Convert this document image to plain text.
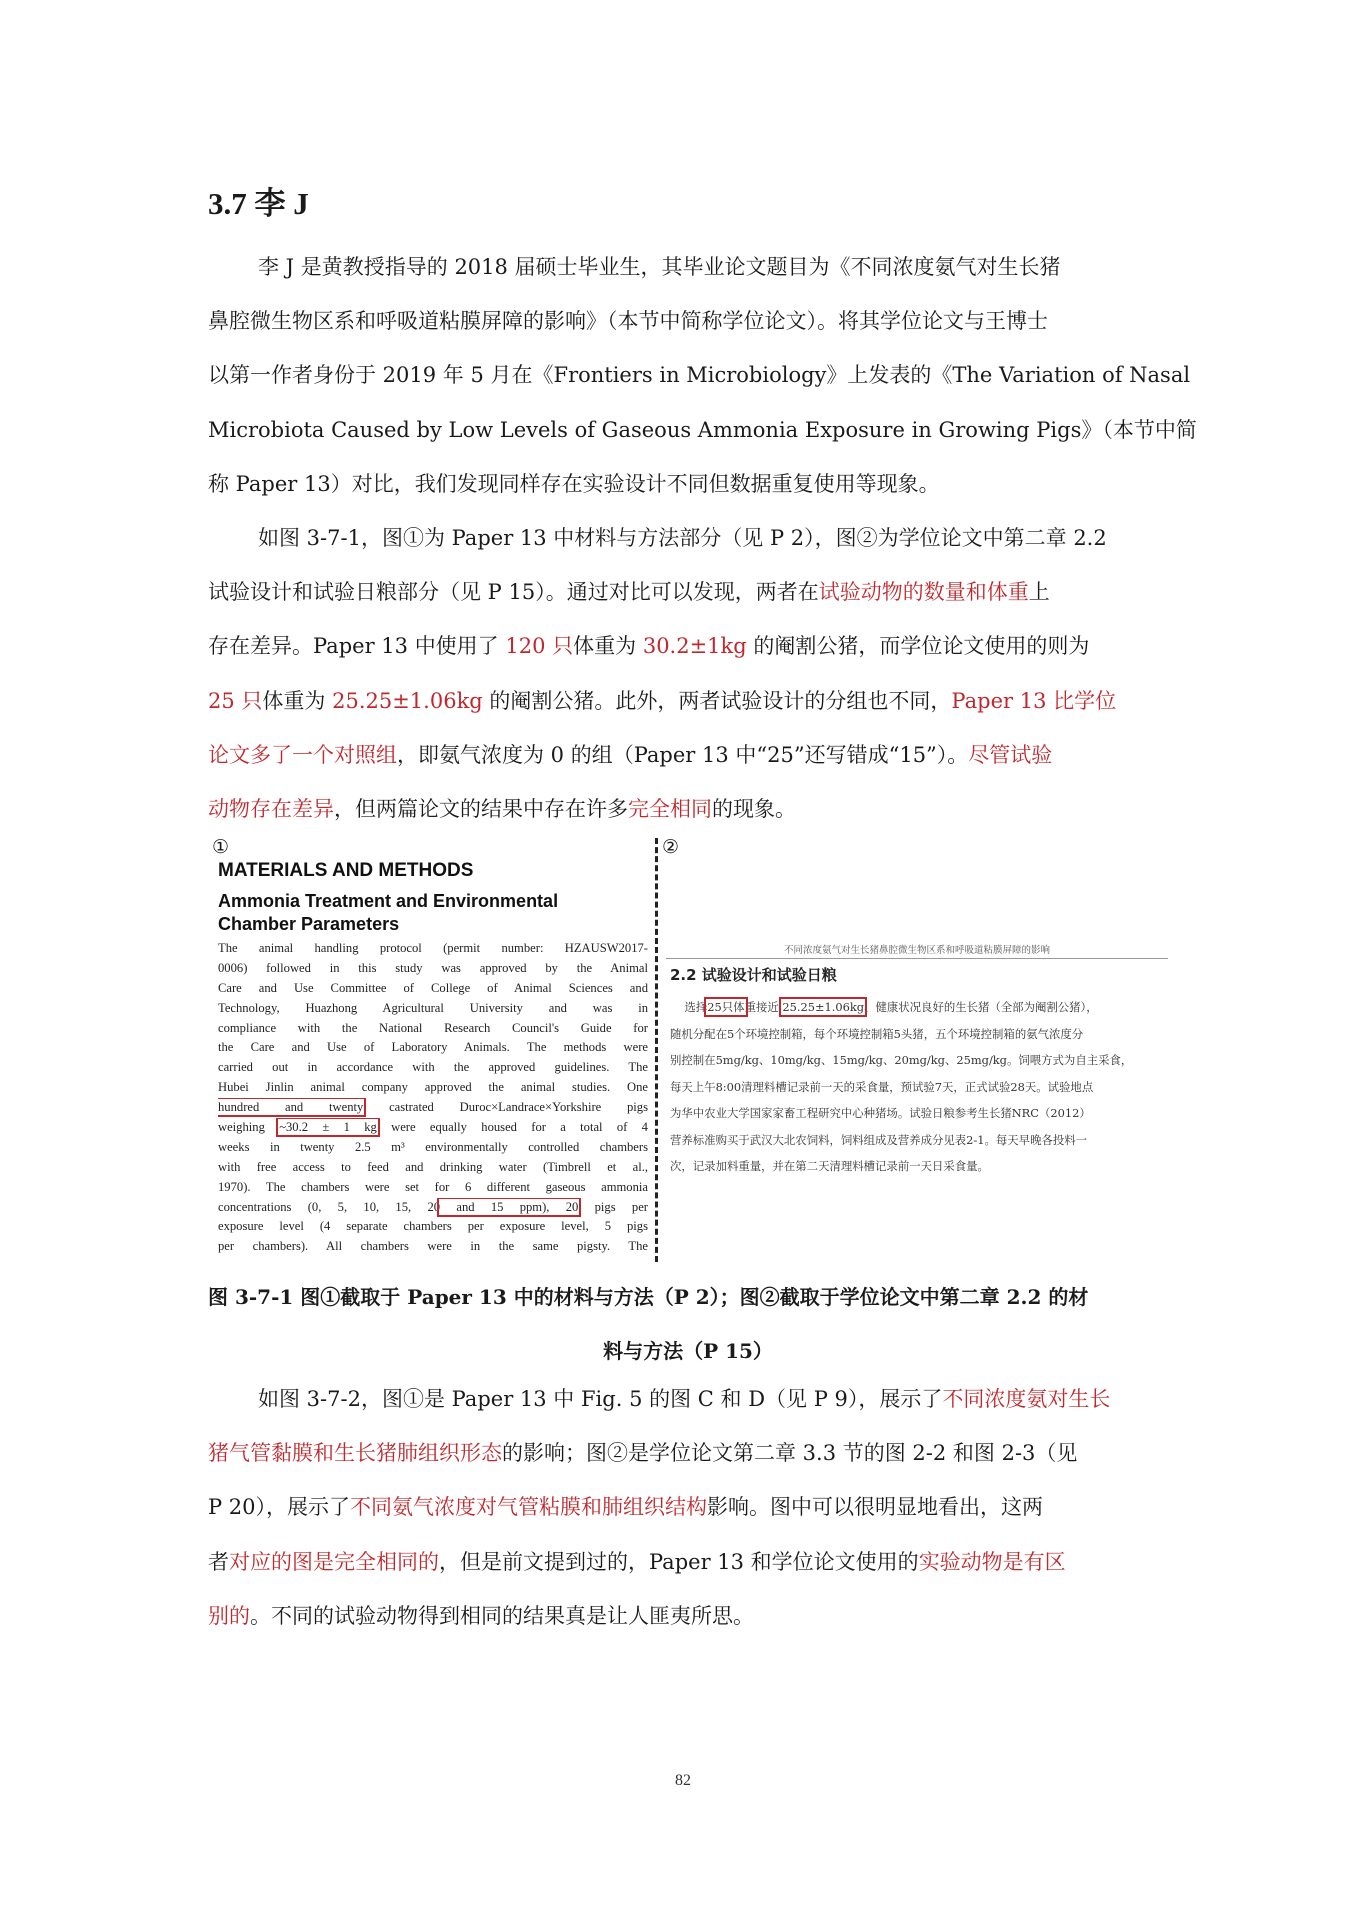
3.7 李 J

李 J 是黄教授指导的 2018 届硕士毕业生，其毕业论文题目为《不同浓度氨气对生长猪
鼻腔微生物区系和呼吸道粘膜屏障的影响》（本节中简称学位论文）。将其学位论文与王博士
以第一作者身份于 2019 年 5 月在《Frontiers in Microbiology》上发表的《The Variation of Nasal
Microbiota Caused by Low Levels of Gaseous Ammonia Exposure in Growing Pigs》（本节中简
称 Paper 13）对比，我们发现同样存在实验设计不同但数据重复使用等现象。

如图 3-7-1，图①为 Paper 13 中材料与方法部分（见 P 2），图②为学位论文中第二章 2.2
试验设计和试验日粮部分（见 P 15）。通过对比可以发现，两者在试验动物的数量和体重上
存在差异。Paper 13 中使用了 120 只体重为 30.2±1kg 的阉割公猪，而学位论文使用的则为
25 只体重为 25.25±1.06kg 的阉割公猪。此外，两者试验设计的分组也不同，Paper 13 比学位
论文多了一个对照组，即氨气浓度为 0 的组（Paper 13 中“25”还写错成“15”）。尽管试验
动物存在差异，但两篇论文的结果中存在许多完全相同的现象。

①	②
MATERIALS AND METHODS
Ammonia Treatment and Environmental
Chamber Parameters
The animal handling protocol (permit number: HZAUSW2017-
0006) followed in this study was approved by the Animal
Care and Use Committee of College of Animal Sciences and
Technology, Huazhong Agricultural University and was in
compliance with the National Research Council's Guide for
the Care and Use of Laboratory Animals. The methods were
carried out in accordance with the approved guidelines. The
Hubei Jinlin animal company approved the animal studies. One
hundred and twenty castrated Duroc×Landrace×Yorkshire pigs
weighing ~30.2 ± 1 kg were equally housed for a total of 4
weeks in twenty 2.5 m³ environmentally controlled chambers
with free access to feed and drinking water (Timbrell et al.,
1970). The chambers were set for 6 different gaseous ammonia
concentrations (0, 5, 10, 15, 20 and 15 ppm), 20 pigs per
exposure level (4 separate chambers per exposure level, 5 pigs
per chambers). All chambers were in the same pigsty. The
不同浓度氨气对生长猪鼻腔微生物区系和呼吸道粘膜屏障的影响
2.2 试验设计和试验日粮
选择25只体重接近 25.25±1.06kg、健康状况良好的生长猪（全部为阉割公猪），
随机分配在5个环境控制箱，每个环境控制箱5头猪，五个环境控制箱的氨气浓度分
别控制在5mg/kg、10mg/kg、15mg/kg、20mg/kg、25mg/kg。饲喂方式为自主采食，
每天上午8:00清理料槽记录前一天的采食量，预试验7天，正式试验28天。试验地点
为华中农业大学国家家畜工程研究中心种猪场。试验日粮参考生长猪NRC（2012）
营养标准购买于武汉大北农饲料，饲料组成及营养成分见表2-1。每天早晚各投料一
次，记录加料重量，并在第二天清理料槽记录前一天日采食量。

图 3-7-1 图①截取于 Paper 13 中的材料与方法（P 2）；图②截取于学位论文中第二章 2.2 的材
料与方法（P 15）

如图 3-7-2，图①是 Paper 13 中 Fig. 5 的图 C 和 D（见 P 9），展示了不同浓度氨对生长
猪气管黏膜和生长猪肺组织形态的影响；图②是学位论文第二章 3.3 节的图 2-2 和图 2-3（见
P 20），展示了不同氨气浓度对气管粘膜和肺组织结构影响。图中可以很明显地看出，这两
者对应的图是完全相同的，但是前文提到过的，Paper 13 和学位论文使用的实验动物是有区
别的。不同的试验动物得到相同的结果真是让人匪夷所思。

82
